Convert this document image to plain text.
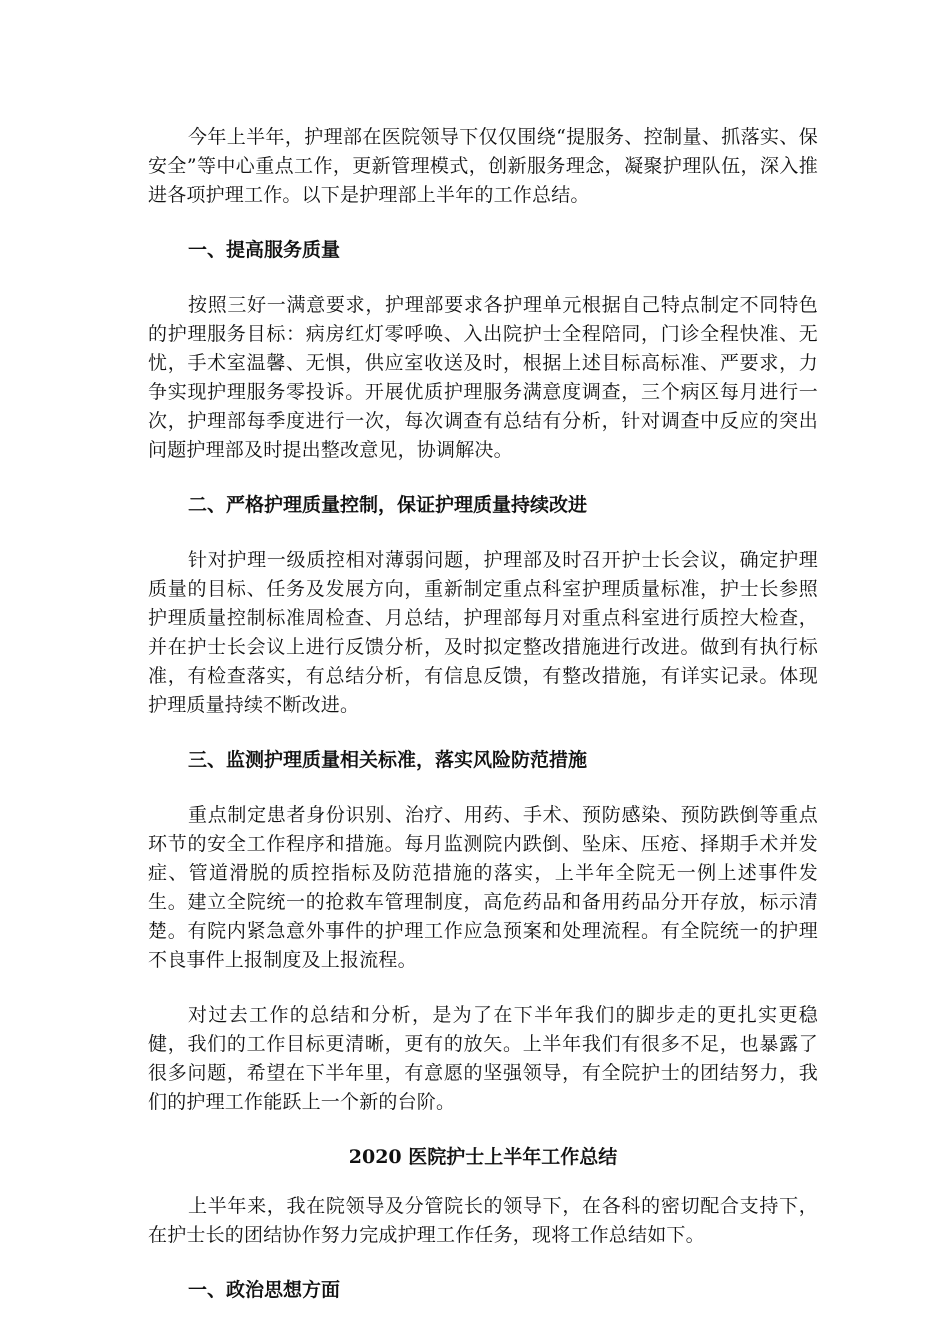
今年上半年，护理部在医院领导下仅仅围绕“提服务、控制量、抓落实、保安全”等中心重点工作，更新管理模式，创新服务理念，凝聚护理队伍，深入推进各项护理工作。以下是护理部上半年的工作总结。

一、提高服务质量

按照三好一满意要求，护理部要求各护理单元根据自己特点制定不同特色的护理服务目标：病房红灯零呼唤、入出院护士全程陪同，门诊全程快准、无忧，手术室温馨、无惧，供应室收送及时，根据上述目标高标准、严要求，力争实现护理服务零投诉。开展优质护理服务满意度调查，三个病区每月进行一次，护理部每季度进行一次，每次调查有总结有分析，针对调查中反应的突出问题护理部及时提出整改意见，协调解决。

二、严格护理质量控制，保证护理质量持续改进

针对护理一级质控相对薄弱问题，护理部及时召开护士长会议，确定护理质量的目标、任务及发展方向，重新制定重点科室护理质量标准，护士长参照护理质量控制标准周检查、月总结，护理部每月对重点科室进行质控大检查，并在护士长会议上进行反馈分析，及时拟定整改措施进行改进。做到有执行标准，有检查落实，有总结分析，有信息反馈，有整改措施，有详实记录。体现护理质量持续不断改进。

三、监测护理质量相关标准，落实风险防范措施

重点制定患者身份识别、治疗、用药、手术、预防感染、预防跌倒等重点环节的安全工作程序和措施。每月监测院内跌倒、坠床、压疮、择期手术并发症、管道滑脱的质控指标及防范措施的落实，上半年全院无一例上述事件发生。建立全院统一的抢救车管理制度，高危药品和备用药品分开存放，标示清楚。有院内紧急意外事件的护理工作应急预案和处理流程。有全院统一的护理不良事件上报制度及上报流程。

对过去工作的总结和分析，是为了在下半年我们的脚步走的更扎实更稳健，我们的工作目标更清晰，更有的放矢。上半年我们有很多不足，也暴露了很多问题，希望在下半年里，有意愿的坚强领导，有全院护士的团结努力，我们的护理工作能跃上一个新的台阶。

2020 医院护士上半年工作总结

上半年来，我在院领导及分管院长的领导下，在各科的密切配合支持下，在护士长的团结协作努力完成护理工作任务，现将工作总结如下。

一、政治思想方面
